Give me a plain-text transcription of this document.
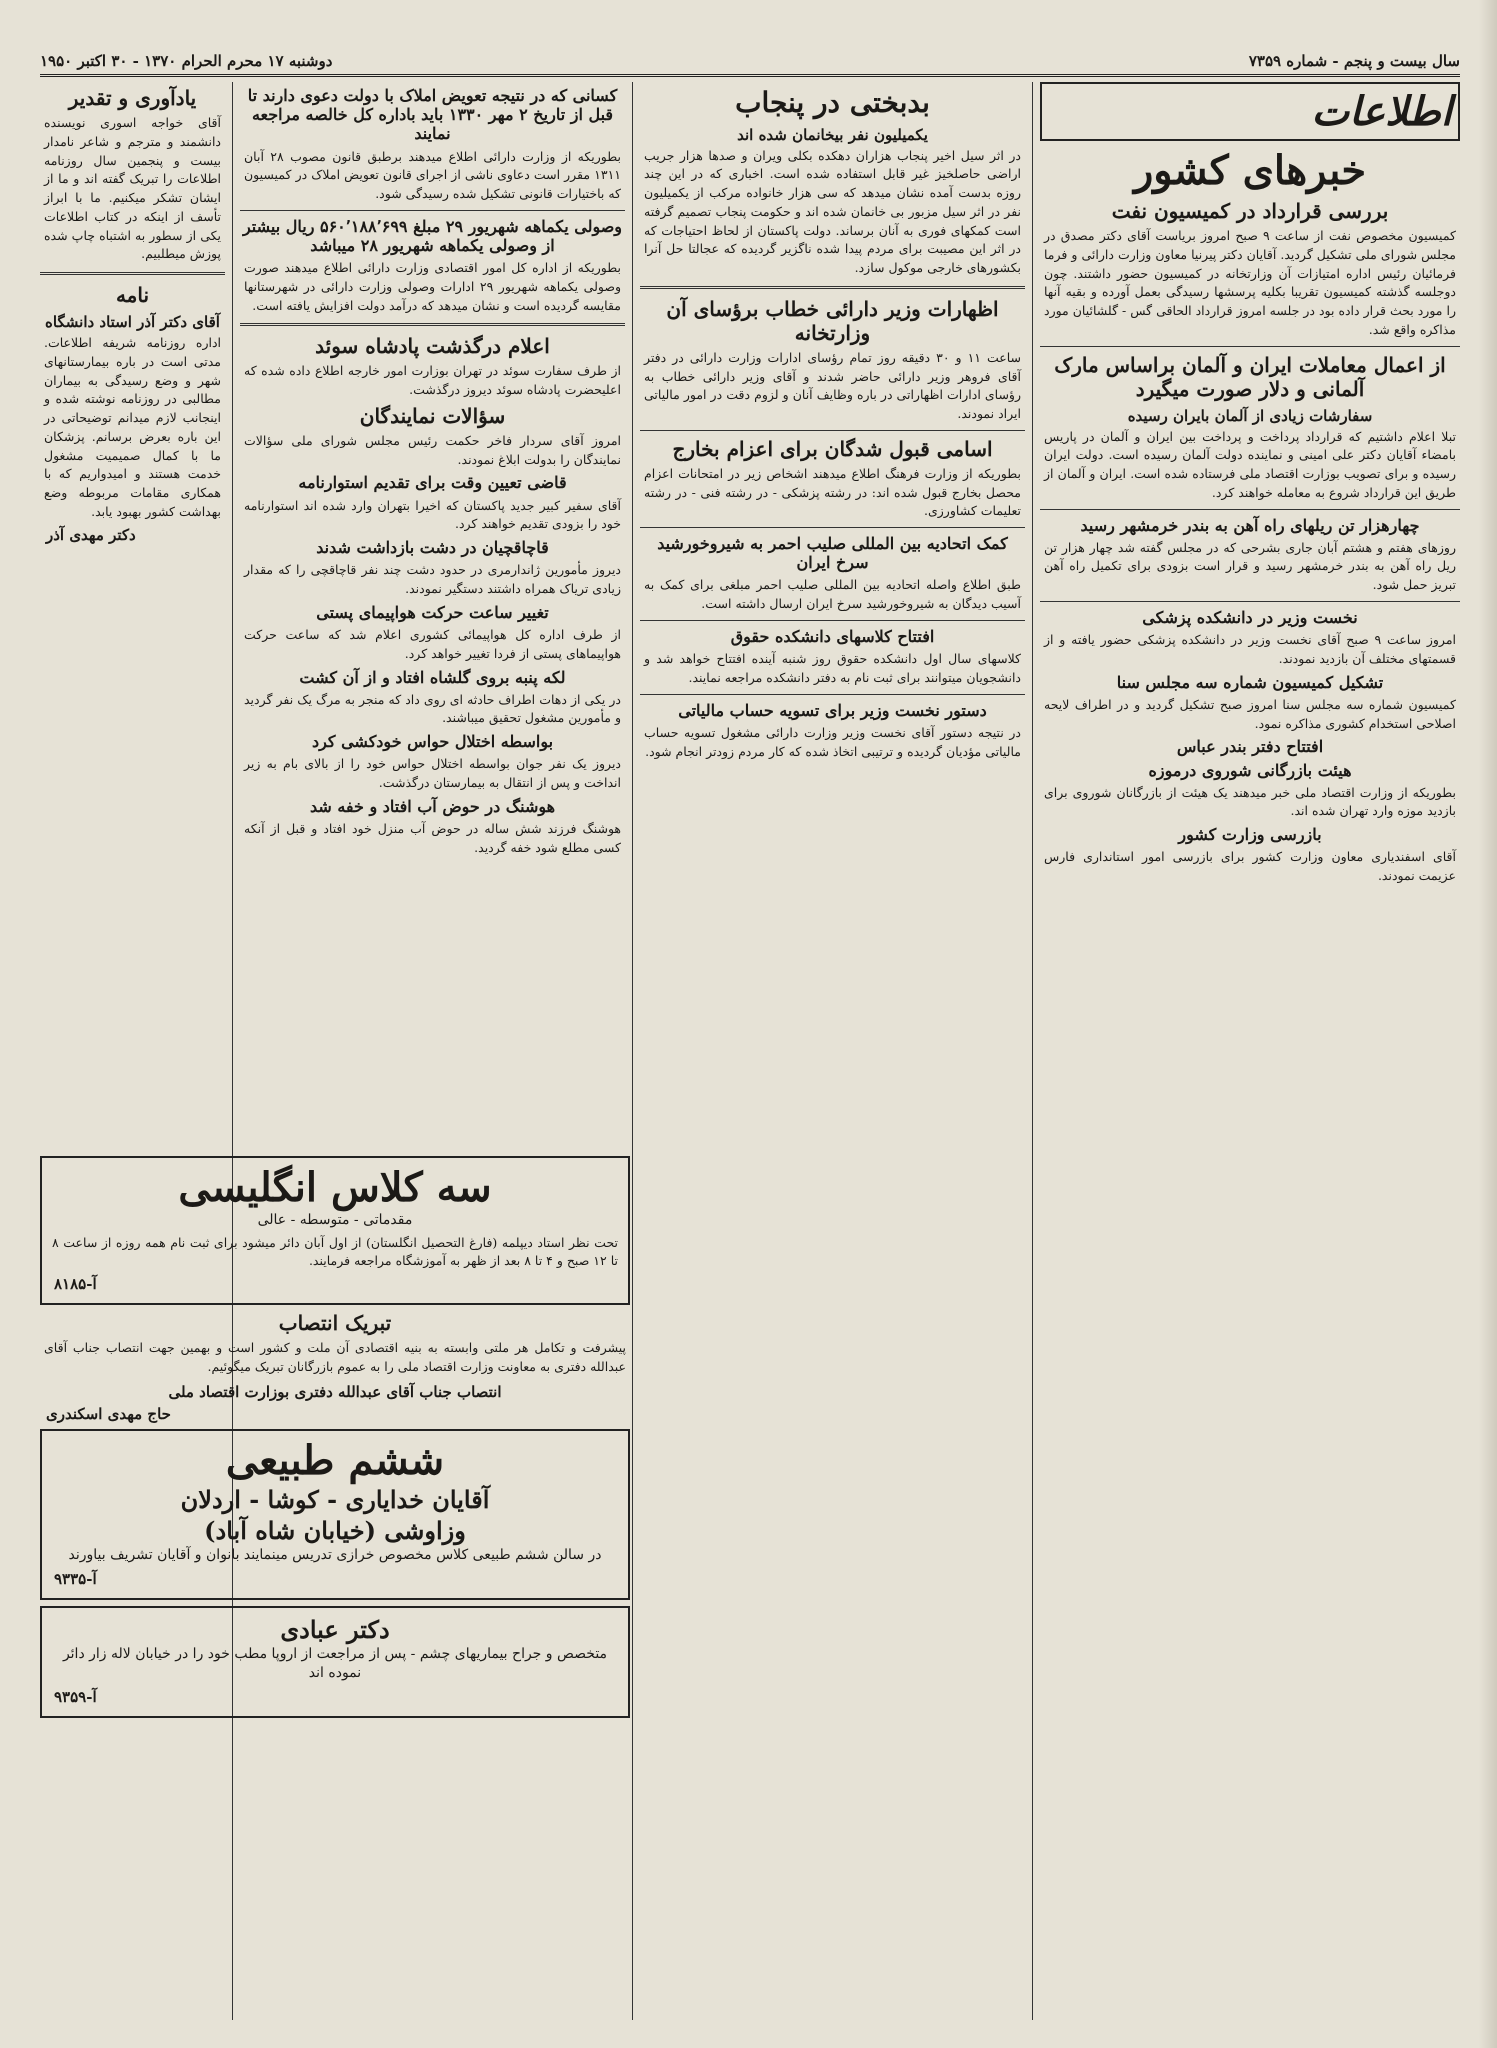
سال بیست و پنجم - شماره ۷۳۵۹
دوشنبه ۱۷ محرم الحرام ۱۳۷۰ - ۳۰ اکتبر ۱۹۵۰
اطلاعات
خبرهای کشور
بررسی قرارداد در کمیسیون نفت
کمیسیون مخصوص نفت از ساعت ۹ صبح امروز بریاست آقای دکتر مصدق در مجلس شورای ملی تشکیل گردید. آقایان دکتر پیرنیا معاون وزارت دارائی و فرما فرمائیان رئیس اداره امتیازات آن وزارتخانه در کمیسیون حضور داشتند. چون دوجلسه گذشته کمیسیون تقریبا بکلیه پرسشها رسیدگی بعمل آورده و بقیه آنها را مورد بحث قرار داده بود در جلسه امروز قرارداد الحاقی گس - گلشائیان مورد مذاکره واقع شد.
از اعمال معاملات ایران و آلمان براساس مارک آلمانی و دلار صورت میگیرد
سفارشات زیادی از آلمان بایران رسیده
تبلا اعلام داشتیم که قرارداد پرداخت و پرداخت بین ایران و آلمان در پاریس بامضاء آقایان دکتر علی امینی و نماینده دولت آلمان رسیده است. دولت ایران رسیده و برای تصویب بوزارت اقتصاد ملی فرستاده شده است. ایران و آلمان از طریق این قرارداد شروع به معامله خواهند کرد.
چهارهزار تن ریلهای راه آهن به بندر خرمشهر رسید
روزهای هفتم و هشتم آبان جاری بشرحی که در مجلس گفته شد چهار هزار تن ریل راه آهن به بندر خرمشهر رسید و قرار است بزودی برای تکمیل راه آهن تبریز حمل شود.
نخست وزیر در دانشکده پزشکی
امروز ساعت ۹ صبح آقای نخست وزیر در دانشکده پزشکی حضور یافته و از قسمتهای مختلف آن بازدید نمودند.
تشکیل کمیسیون شماره سه مجلس سنا
کمیسیون شماره سه مجلس سنا امروز صبح تشکیل گردید و در اطراف لایحه اصلاحی استخدام کشوری مذاکره نمود.
افتتاح دفتر بندر عباس
هیئت بازرگانی شوروی درموزه
بطوریکه از وزارت اقتصاد ملی خبر میدهند یک هیئت از بازرگانان شوروی برای بازدید موزه وارد تهران شده اند.
بازرسی وزارت کشور
آقای اسفندیاری معاون وزارت کشور برای بازرسی امور استانداری فارس عزیمت نمودند.
بدبختی در پنجاب
یکمیلیون نفر بیخانمان شده اند
در اثر سیل اخیر پنجاب هزاران دهکده بکلی ویران و صدها هزار جریب اراضی حاصلخیز غیر قابل استفاده شده است. اخباری که در این چند روزه بدست آمده نشان میدهد که سی هزار خانواده مرکب از یکمیلیون نفر در اثر سیل مزبور بی خانمان شده اند و حکومت پنجاب تصمیم گرفته است کمکهای فوری به آنان برساند. دولت پاکستان از لحاظ احتیاجات که در اثر این مصیبت برای مردم پیدا شده ناگزیر گردیده که عجالتا حل آنرا بکشورهای خارجی موکول سازد.
اظهارات وزیر دارائی خطاب برؤسای آن وزارتخانه
ساعت ۱۱ و ۳۰ دقیقه روز تمام رؤسای ادارات وزارت دارائی در دفتر آقای فروهر وزیر دارائی حاضر شدند و آقای وزیر دارائی خطاب به رؤسای ادارات اظهاراتی در باره وظایف آنان و لزوم دقت در امور مالیاتی ایراد نمودند.
اسامی قبول شدگان برای اعزام بخارج
بطوریکه از وزارت فرهنگ اطلاع میدهند اشخاص زیر در امتحانات اعزام محصل بخارج قبول شده اند: در رشته پزشکی - در رشته فنی - در رشته تعلیمات کشاورزی.
کمک اتحادیه بین المللی صلیب احمر به شیروخورشید سرخ ایران
طبق اطلاع واصله اتحادیه بین المللی صلیب احمر مبلغی برای کمک به آسیب دیدگان به شیروخورشید سرخ ایران ارسال داشته است.
افتتاح کلاسهای دانشکده حقوق
کلاسهای سال اول دانشکده حقوق روز شنبه آینده افتتاح خواهد شد و دانشجویان میتوانند برای ثبت نام به دفتر دانشکده مراجعه نمایند.
دستور نخست وزیر برای تسویه حساب مالیاتی
در نتیجه دستور آقای نخست وزیر وزارت دارائی مشغول تسویه حساب مالیاتی مؤدیان گردیده و ترتیبی اتخاذ شده که کار مردم زودتر انجام شود.
کسانی که در نتیجه تعویض املاک با دولت دعوی دارند تا قبل از تاریخ ۲ مهر ۱۳۳۰ باید باداره کل خالصه مراجعه نمایند
بطوریکه از وزارت دارائی اطلاع میدهند برطبق قانون مصوب ۲۸ آبان ۱۳۱۱ مقرر است دعاوی ناشی از اجرای قانون تعویض املاک در کمیسیون که باختیارات قانونی تشکیل شده رسیدگی شود.
وصولی یکماهه شهریور ۲۹ مبلغ ۵۶۰٬۱۸۸٬۶۹۹ ریال بیشتر از وصولی یکماهه شهریور ۲۸ میباشد
بطوریکه از اداره کل امور اقتصادی وزارت دارائی اطلاع میدهند صورت وصولی یکماهه شهریور ۲۹ ادارات وصولی وزارت دارائی در شهرستانها مقایسه گردیده است و نشان میدهد که درآمد دولت افزایش یافته است.
اعلام درگذشت پادشاه سوئد
از طرف سفارت سوئد در تهران بوزارت امور خارجه اطلاع داده شده که اعلیحضرت پادشاه سوئد دیروز درگذشت.
سؤالات نمایندگان
امروز آقای سردار فاخر حکمت رئیس مجلس شورای ملی سؤالات نمایندگان را بدولت ابلاغ نمودند.
قاضی تعیین وقت برای تقدیم استوارنامه
آقای سفیر کبیر جدید پاکستان که اخیرا بتهران وارد شده اند استوارنامه خود را بزودی تقدیم خواهند کرد.
قاچاقچیان در دشت بازداشت شدند
دیروز مأمورین ژاندارمری در حدود دشت چند نفر قاچاقچی را که مقدار زیادی تریاک همراه داشتند دستگیر نمودند.
تغییر ساعت حرکت هواپیمای پستی
از طرف اداره کل هواپیمائی کشوری اعلام شد که ساعت حرکت هواپیماهای پستی از فردا تغییر خواهد کرد.
لکه پنبه بروی گلشاه افتاد و از آن کشت
در یکی از دهات اطراف حادثه ای روی داد که منجر به مرگ یک نفر گردید و مأمورین مشغول تحقیق میباشند.
بواسطه اختلال حواس خودکشی کرد
دیروز یک نفر جوان بواسطه اختلال حواس خود را از بالای بام به زیر انداخت و پس از انتقال به بیمارستان درگذشت.
هوشنگ در حوض آب افتاد و خفه شد
هوشنگ فرزند شش ساله در حوض آب منزل خود افتاد و قبل از آنکه کسی مطلع شود خفه گردید.
یادآوری و تقدیر
آقای خواجه اسوری نویسنده دانشمند و مترجم و شاعر نامدار بیست و پنجمین سال روزنامه اطلاعات را تبریک گفته اند و ما از ایشان تشکر میکنیم. ما با ابراز تأسف از اینکه در کتاب اطلاعات یکی از سطور به اشتباه چاپ شده پوزش میطلبیم.
نامه
آقای دکتر آذر استاد دانشگاه
اداره روزنامه شریفه اطلاعات. مدتی است در باره بیمارستانهای شهر و وضع رسیدگی به بیماران مطالبی در روزنامه نوشته شده و اینجانب لازم میدانم توضیحاتی در این باره بعرض برسانم. پزشکان ما با کمال صمیمیت مشغول خدمت هستند و امیدواریم که با همکاری مقامات مربوطه وضع بهداشت کشور بهبود یابد.
دکتر مهدی آذر
سه کلاس انگلیسی
مقدماتی - متوسطه - عالی
تحت نظر استاد دیپلمه (فارغ التحصیل انگلستان) از اول آبان دائر میشود برای ثبت نام همه روزه از ساعت ۸ تا ۱۲ صبح و ۴ تا ۸ بعد از ظهر به آموزشگاه مراجعه فرمایند.
آ-۸۱۸۵
تبریک انتصاب
پیشرفت و تکامل هر ملتی وابسته به بنیه اقتصادی آن ملت و کشور است و بهمین جهت انتصاب جناب آقای عبدالله دفتری به معاونت وزارت اقتصاد ملی را به عموم بازرگانان تبریک میگوئیم.
انتصاب جناب آقای عبدالله دفتری بوزارت اقتصاد ملی
حاج مهدی اسکندری
ششم طبیعی
آقایان خدایاری - کوشا - اردلان
وزاوشی (خیابان شاه آباد)
در سالن ششم طبیعی کلاس مخصوص خرازی تدریس مینمایند بانوان و آقایان تشریف بیاورند
آ-۹۳۳۵
دکتر عبادی
متخصص و جراح بیماریهای چشم - پس از مراجعت از اروپا مطب خود را در خیابان لاله زار دائر نموده اند
آ-۹۳۵۹
